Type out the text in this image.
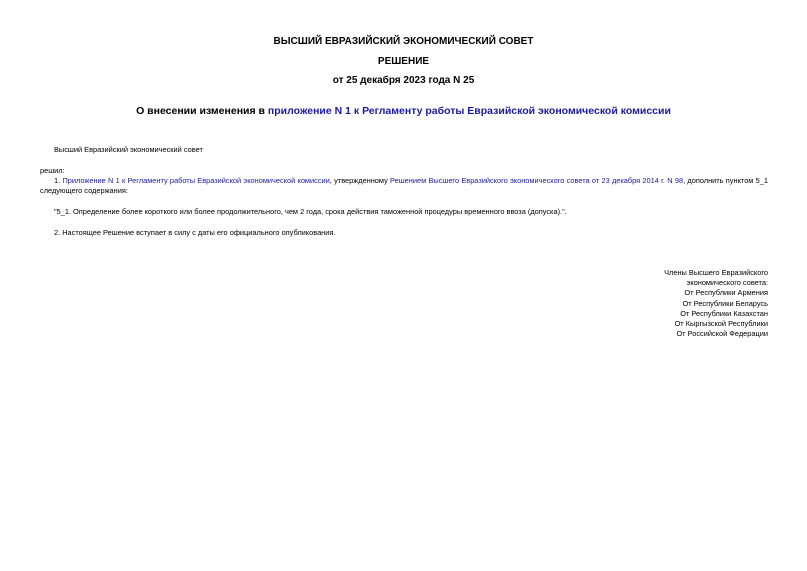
ВЫСШИЙ ЕВРАЗИЙСКИЙ ЭКОНОМИЧЕСКИЙ СОВЕТ
РЕШЕНИЕ
от 25 декабря 2023 года N 25
О внесении изменения в приложение N 1 к Регламенту работы Евразийской экономической комиссии
Высший Евразийский экономический совет
решил:
1. Приложение N 1 к Регламенту работы Евразийской экономической комиссии, утвержденному Решением Высшего Евразийского экономического совета от 23 декабря 2014 г. N 98, дополнить пунктом 5_1 следующего содержания:
"5_1. Определение более короткого или более продолжительного, чем 2 года, срока действия таможенной процедуры временного ввоза (допуска).".
2. Настоящее Решение вступает в силу с даты его официального опубликования.
Члены Высшего Евразийского
экономического совета:
От Республики Армения
От Республики Беларусь
От Республики Казахстан
От Кыргызской Республики
От Российской Федерации
